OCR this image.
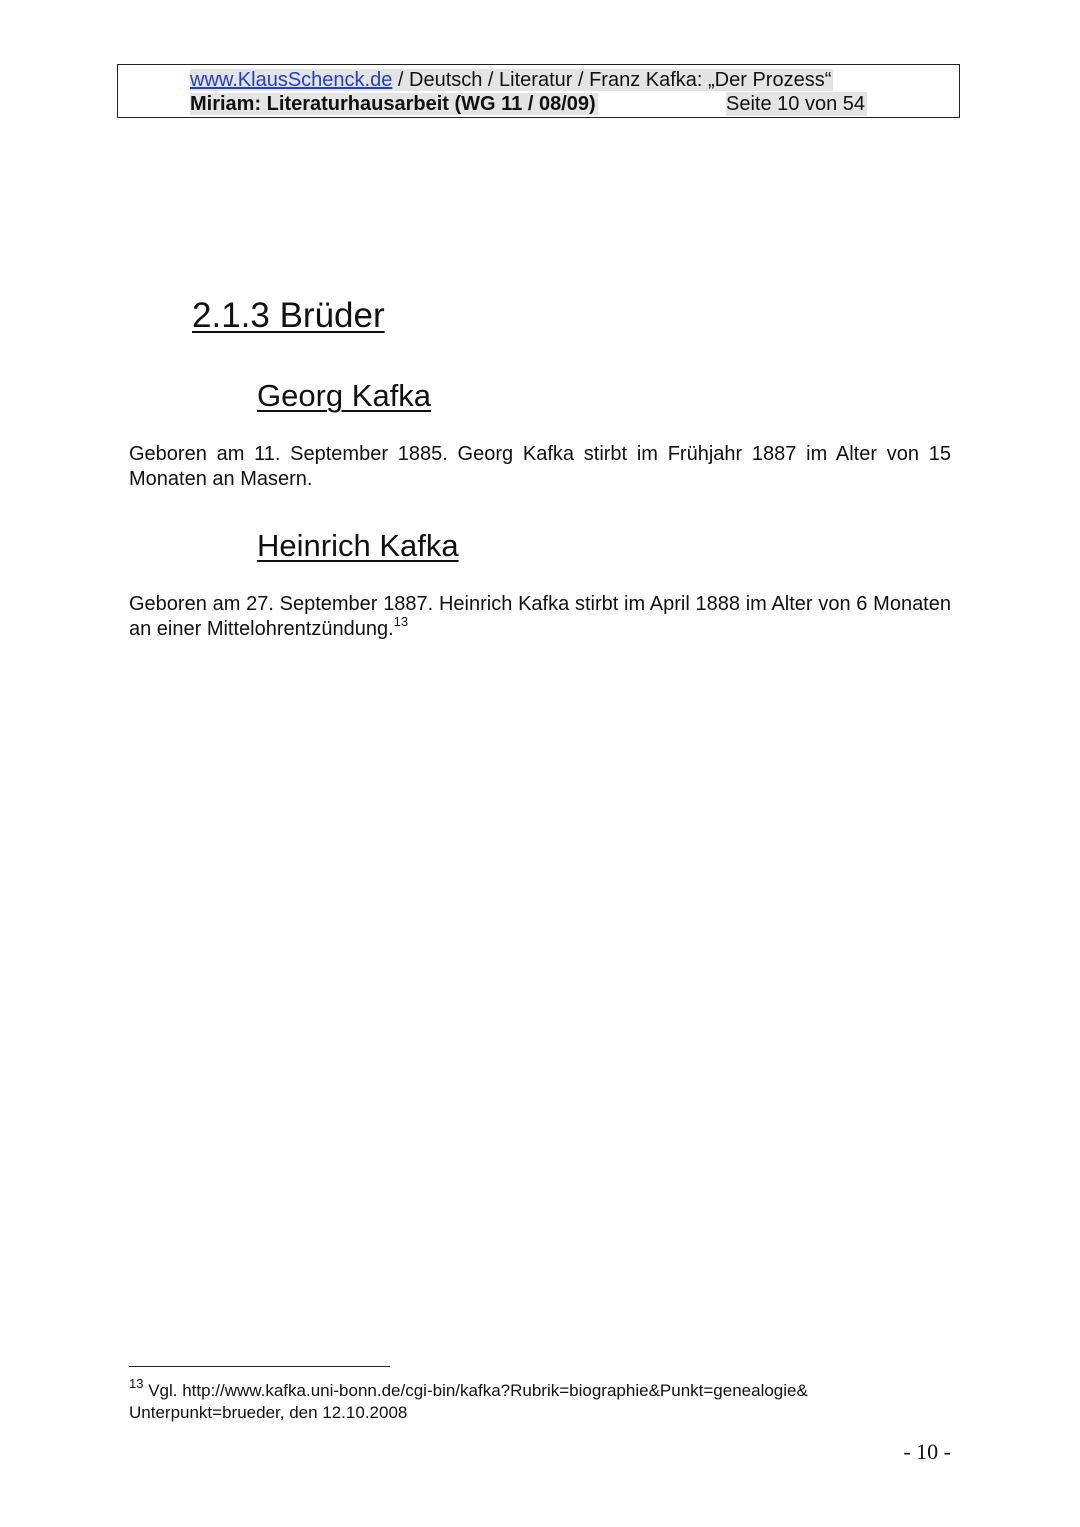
www.KlausSchenck.de / Deutsch / Literatur / Franz Kafka: „Der Prozess“
Miriam: Literaturhausarbeit (WG 11 / 08/09)	Seite 10 von 54
2.1.3 Brüder
Georg Kafka

Geboren am 11. September 1885. Georg Kafka stirbt im Frühjahr 1887 im Alter von 15 Monaten an Masern.

Heinrich Kafka

Geboren am 27. September 1887. Heinrich Kafka stirbt im April 1888 im Alter von 6 Monaten an einer Mittelohrentzündung.$^{13}$

$^{13}$ Vgl. http://www.kafka.uni-bonn.de/cgi-bin/kafka?Rubrik=biographie&Punkt=genealogie&
Unterpunkt=brueder, den 12.10.2008

- 10 -
